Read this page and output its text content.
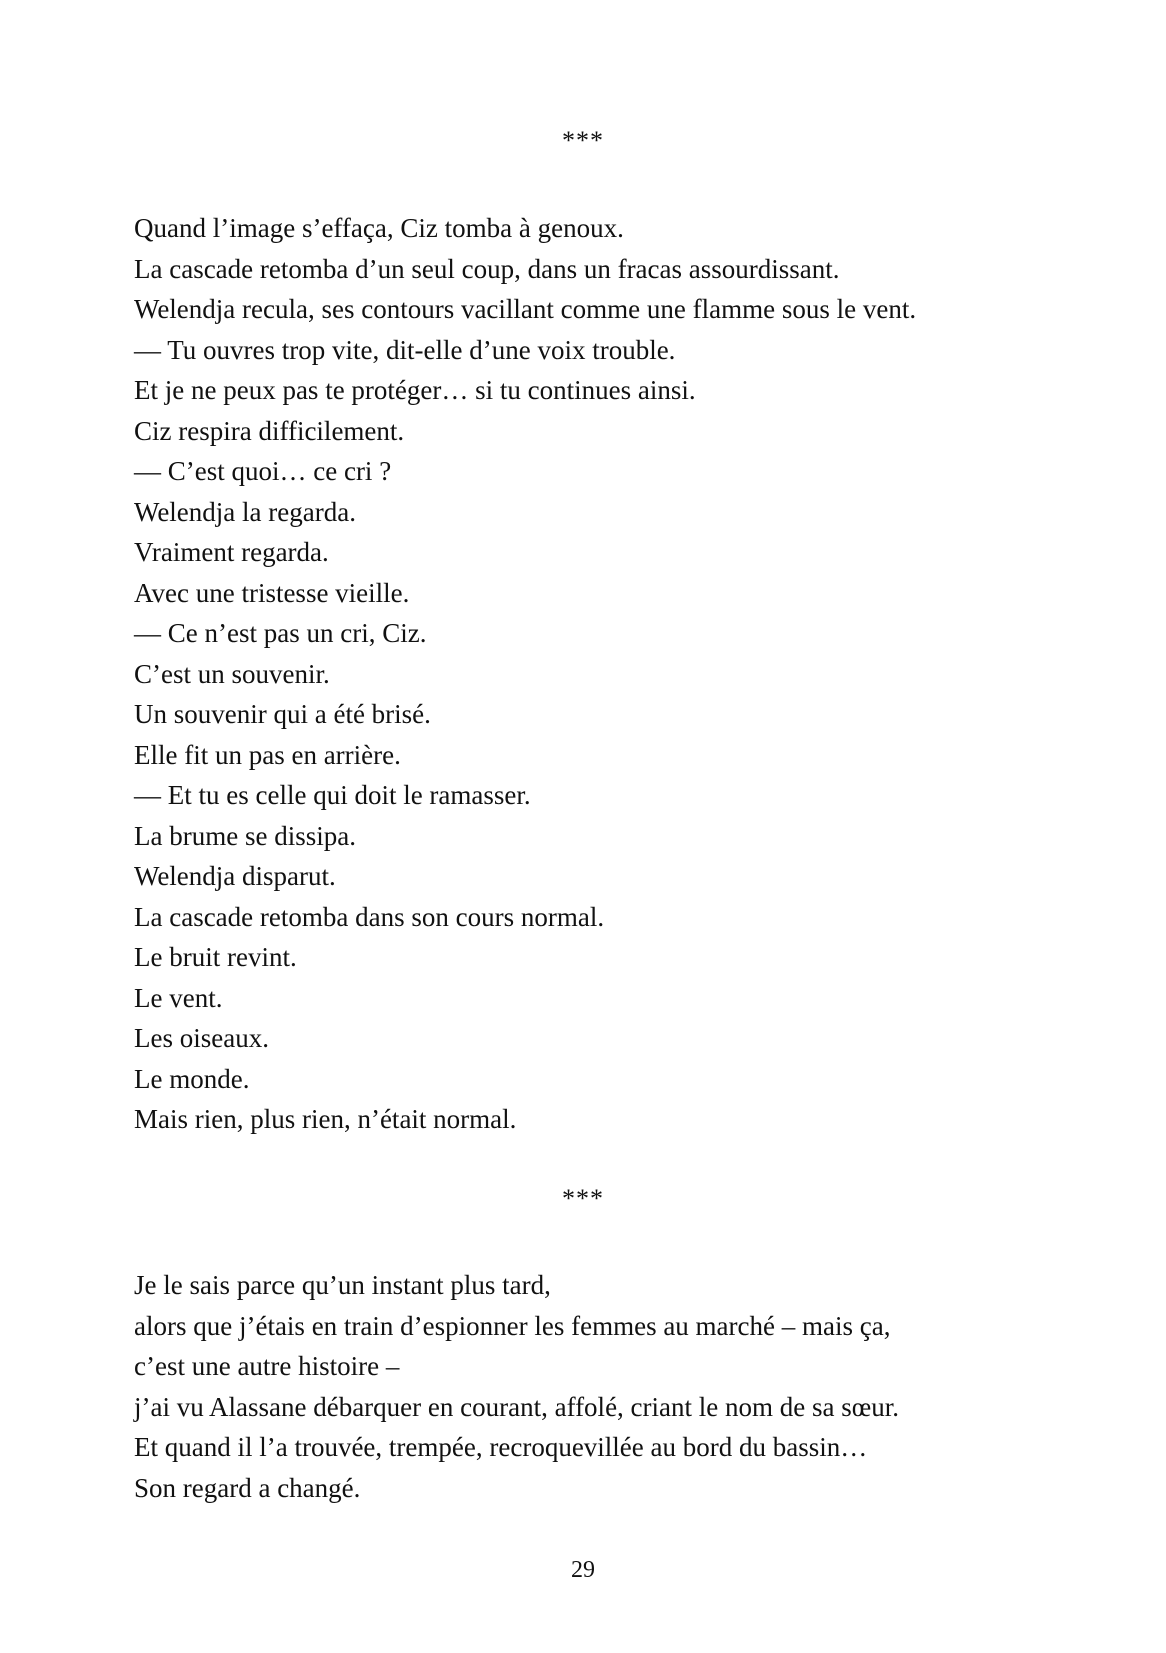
***
Quand l’image s’effaça, Ciz tomba à genoux.
La cascade retomba d’un seul coup, dans un fracas assourdissant.
Welendja recula, ses contours vacillant comme une flamme sous le vent.
— Tu ouvres trop vite, dit-elle d’une voix trouble.
Et je ne peux pas te protéger… si tu continues ainsi.
Ciz respira difficilement.
— C’est quoi… ce cri ?
Welendja la regarda.
Vraiment regarda.
Avec une tristesse vieille.
— Ce n’est pas un cri, Ciz.
C’est un souvenir.
Un souvenir qui a été brisé.
Elle fit un pas en arrière.
— Et tu es celle qui doit le ramasser.
La brume se dissipa.
Welendja disparut.
La cascade retomba dans son cours normal.
Le bruit revint.
Le vent.
Les oiseaux.
Le monde.
Mais rien, plus rien, n’était normal.
***
Je le sais parce qu’un instant plus tard,
alors que j’étais en train d’espionner les femmes au marché – mais ça,
c’est une autre histoire –
j’ai vu Alassane débarquer en courant, affolé, criant le nom de sa sœur.
Et quand il l’a trouvée, trempée, recroquevillée au bord du bassin…
Son regard a changé.
29
